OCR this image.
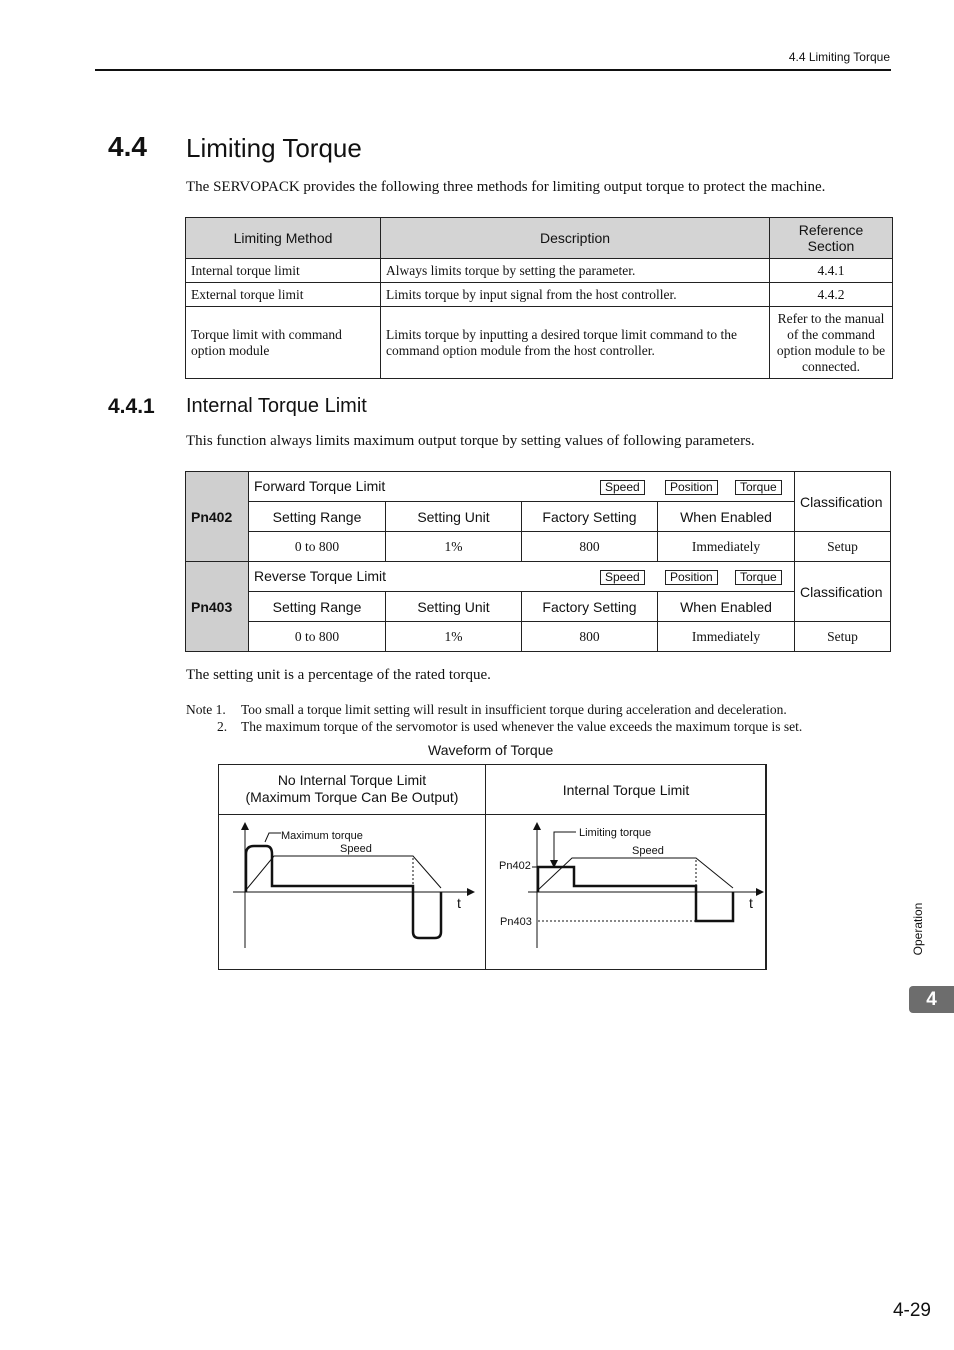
4.4 Limiting Torque
4.4 Limiting Torque
The SERVOPACK provides the following three methods for limiting output torque to protect the machine.
Limiting Method	Description	Reference Section
Internal torque limit	Always limits torque by setting the parameter.	4.4.1
External torque limit	Limits torque by input signal from the host controller.	4.4.2
Torque limit with command option module	Limits torque by inputting a desired torque limit command to the command option module from the host controller.	Refer to the manual of the command option module to be connected.
4.4.1 Internal Torque Limit
This function always limits maximum output torque by setting values of following parameters.
Pn402	Forward Torque Limit Speed Position Torque				Classification
	Setting Range	Setting Unit	Factory Setting	When Enabled	
	0 to 800	1%	800	Immediately	Setup
Pn403	Reverse Torque Limit Speed Position Torque				Classification
	Setting Range	Setting Unit	Factory Setting	When Enabled	
	0 to 800	1%	800	Immediately	Setup
The setting unit is a percentage of the rated torque.
Note 1. Too small a torque limit setting will result in insufficient torque during acceleration and deceleration.
2. The maximum torque of the servomotor is used whenever the value exceeds the maximum torque is set.
Waveform of Torque
No Internal Torque Limit
(Maximum Torque Can Be Output)	Internal Torque Limit
Maximum torque
Speed
t
Limiting torque
Speed
Pn402
Pn403
t	Operation
4
4-29
